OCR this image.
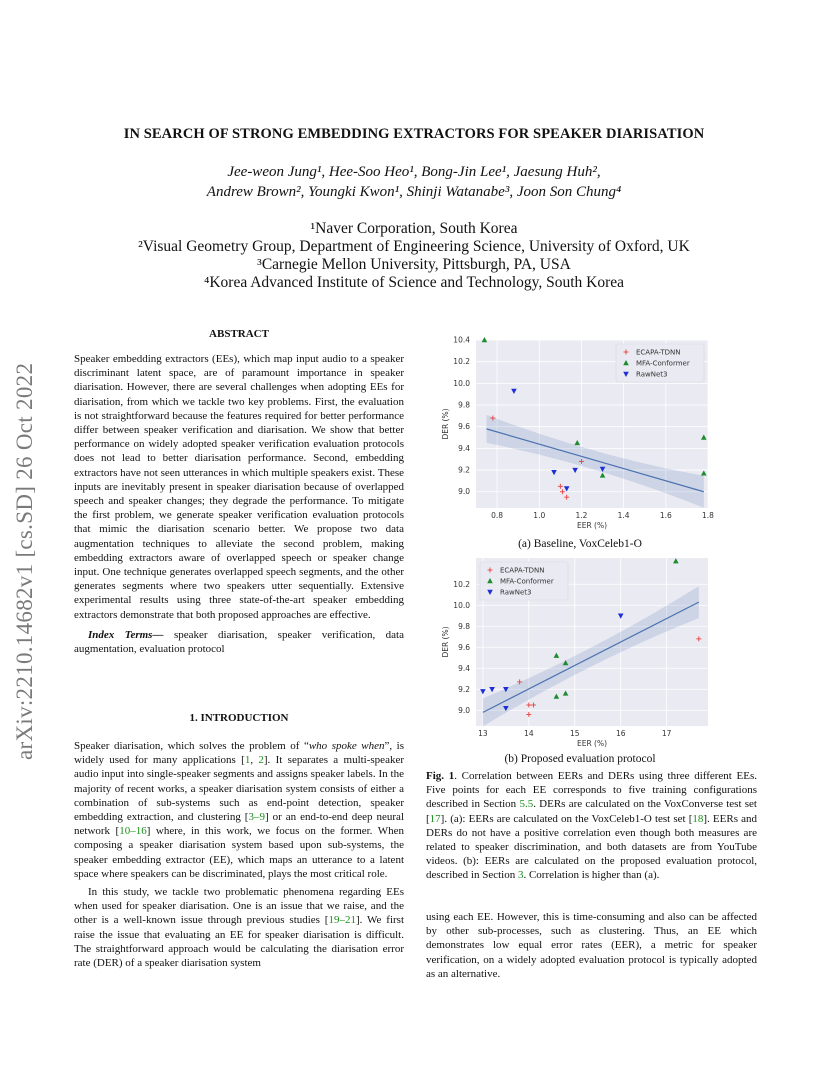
arXiv:2210.14682v1 [cs.SD] 26 Oct 2022
IN SEARCH OF STRONG EMBEDDING EXTRACTORS FOR SPEAKER DIARISATION
Jee-weon Jung¹, Hee-Soo Heo¹, Bong-Jin Lee¹, Jaesung Huh²,
Andrew Brown², Youngki Kwon¹, Shinji Watanabe³, Joon Son Chung⁴
¹Naver Corporation, South Korea
²Visual Geometry Group, Department of Engineering Science, University of Oxford, UK
³Carnegie Mellon University, Pittsburgh, PA, USA
⁴Korea Advanced Institute of Science and Technology, South Korea
ABSTRACT

Speaker embedding extractors (EEs), which map input audio to a speaker discriminant latent space, are of paramount importance in speaker diarisation. However, there are several challenges when adopting EEs for diarisation, from which we tackle two key problems. First, the evaluation is not straightforward because the features required for better performance differ between speaker verification and diarisation. We show that better performance on widely adopted speaker verification evaluation protocols does not lead to better diarisation performance. Second, embedding extractors have not seen utterances in which multiple speakers exist. These inputs are inevitably present in speaker diarisation because of overlapped speech and speaker changes; they degrade the performance. To mitigate the first problem, we generate speaker verification evaluation protocols that mimic the diarisation scenario better. We propose two data augmentation techniques to alleviate the second problem, making embedding extractors aware of overlapped speech or speaker change input. One technique generates overlapped speech segments, and the other generates segments where two speakers utter sequentially. Extensive experimental results using three state-of-the-art speaker embedding extractors demonstrate that both proposed approaches are effective.

Index Terms— speaker diarisation, speaker verification, data augmentation, evaluation protocol

1. INTRODUCTION

Speaker diarisation, which solves the problem of “who spoke when”, is widely used for many applications [1, 2]. It separates a multi-speaker audio input into single-speaker segments and assigns speaker labels. In the majority of recent works, a speaker diarisation system consists of either a combination of sub-systems such as end-point detection, speaker embedding extraction, and clustering [3–9] or an end-to-end deep neural network [10–16] where, in this work, we focus on the former. When composing a speaker diarisation system based upon sub-systems, the speaker embedding extractor (EE), which maps an utterance to a latent space where speakers can be discriminated, plays the most critical role.

In this study, we tackle two problematic phenomena regarding EEs when used for speaker diarisation. One is an issue that we raise, and the other is a well-known issue through previous studies [19–21]. We first raise the issue that evaluating an EE for speaker diarisation is difficult. The straightforward approach would be calculating the diarisation error rate (DER) of a speaker diarisation system

0.8	1.0	1.2	1.4	1.6	1.8
9.0
9.2
9.4
9.6
9.8
10.0
10.2
10.4
EER (%)
DER (%)
ECAPA-TDNN
MFA-Conformer
RawNet3
(a) Baseline, VoxCeleb1-O
13	14	15	16	17
9.0
9.2
9.4
9.6
9.8
10.0
10.2
EER (%)
DER (%)
ECAPA-TDNN
MFA-Conformer
RawNet3
(b) Proposed evaluation protocol

Fig. 1. Correlation between EERs and DERs using three different EEs. Five points for each EE corresponds to five training configurations described in Section 5.5. DERs are calculated on the VoxConverse test set [17]. (a): EERs are calculated on the VoxCeleb1-O test set [18]. EERs and DERs do not have a positive correlation even though both measures are related to speaker discrimination, and both datasets are from YouTube videos. (b): EERs are calculated on the proposed evaluation protocol, described in Section 3. Correlation is higher than (a).

using each EE. However, this is time-consuming and also can be affected by other sub-processes, such as clustering. Thus, an EE which demonstrates low equal error rates (EER), a metric for speaker verification, on a widely adopted evaluation protocol is typically adopted as an alternative.
